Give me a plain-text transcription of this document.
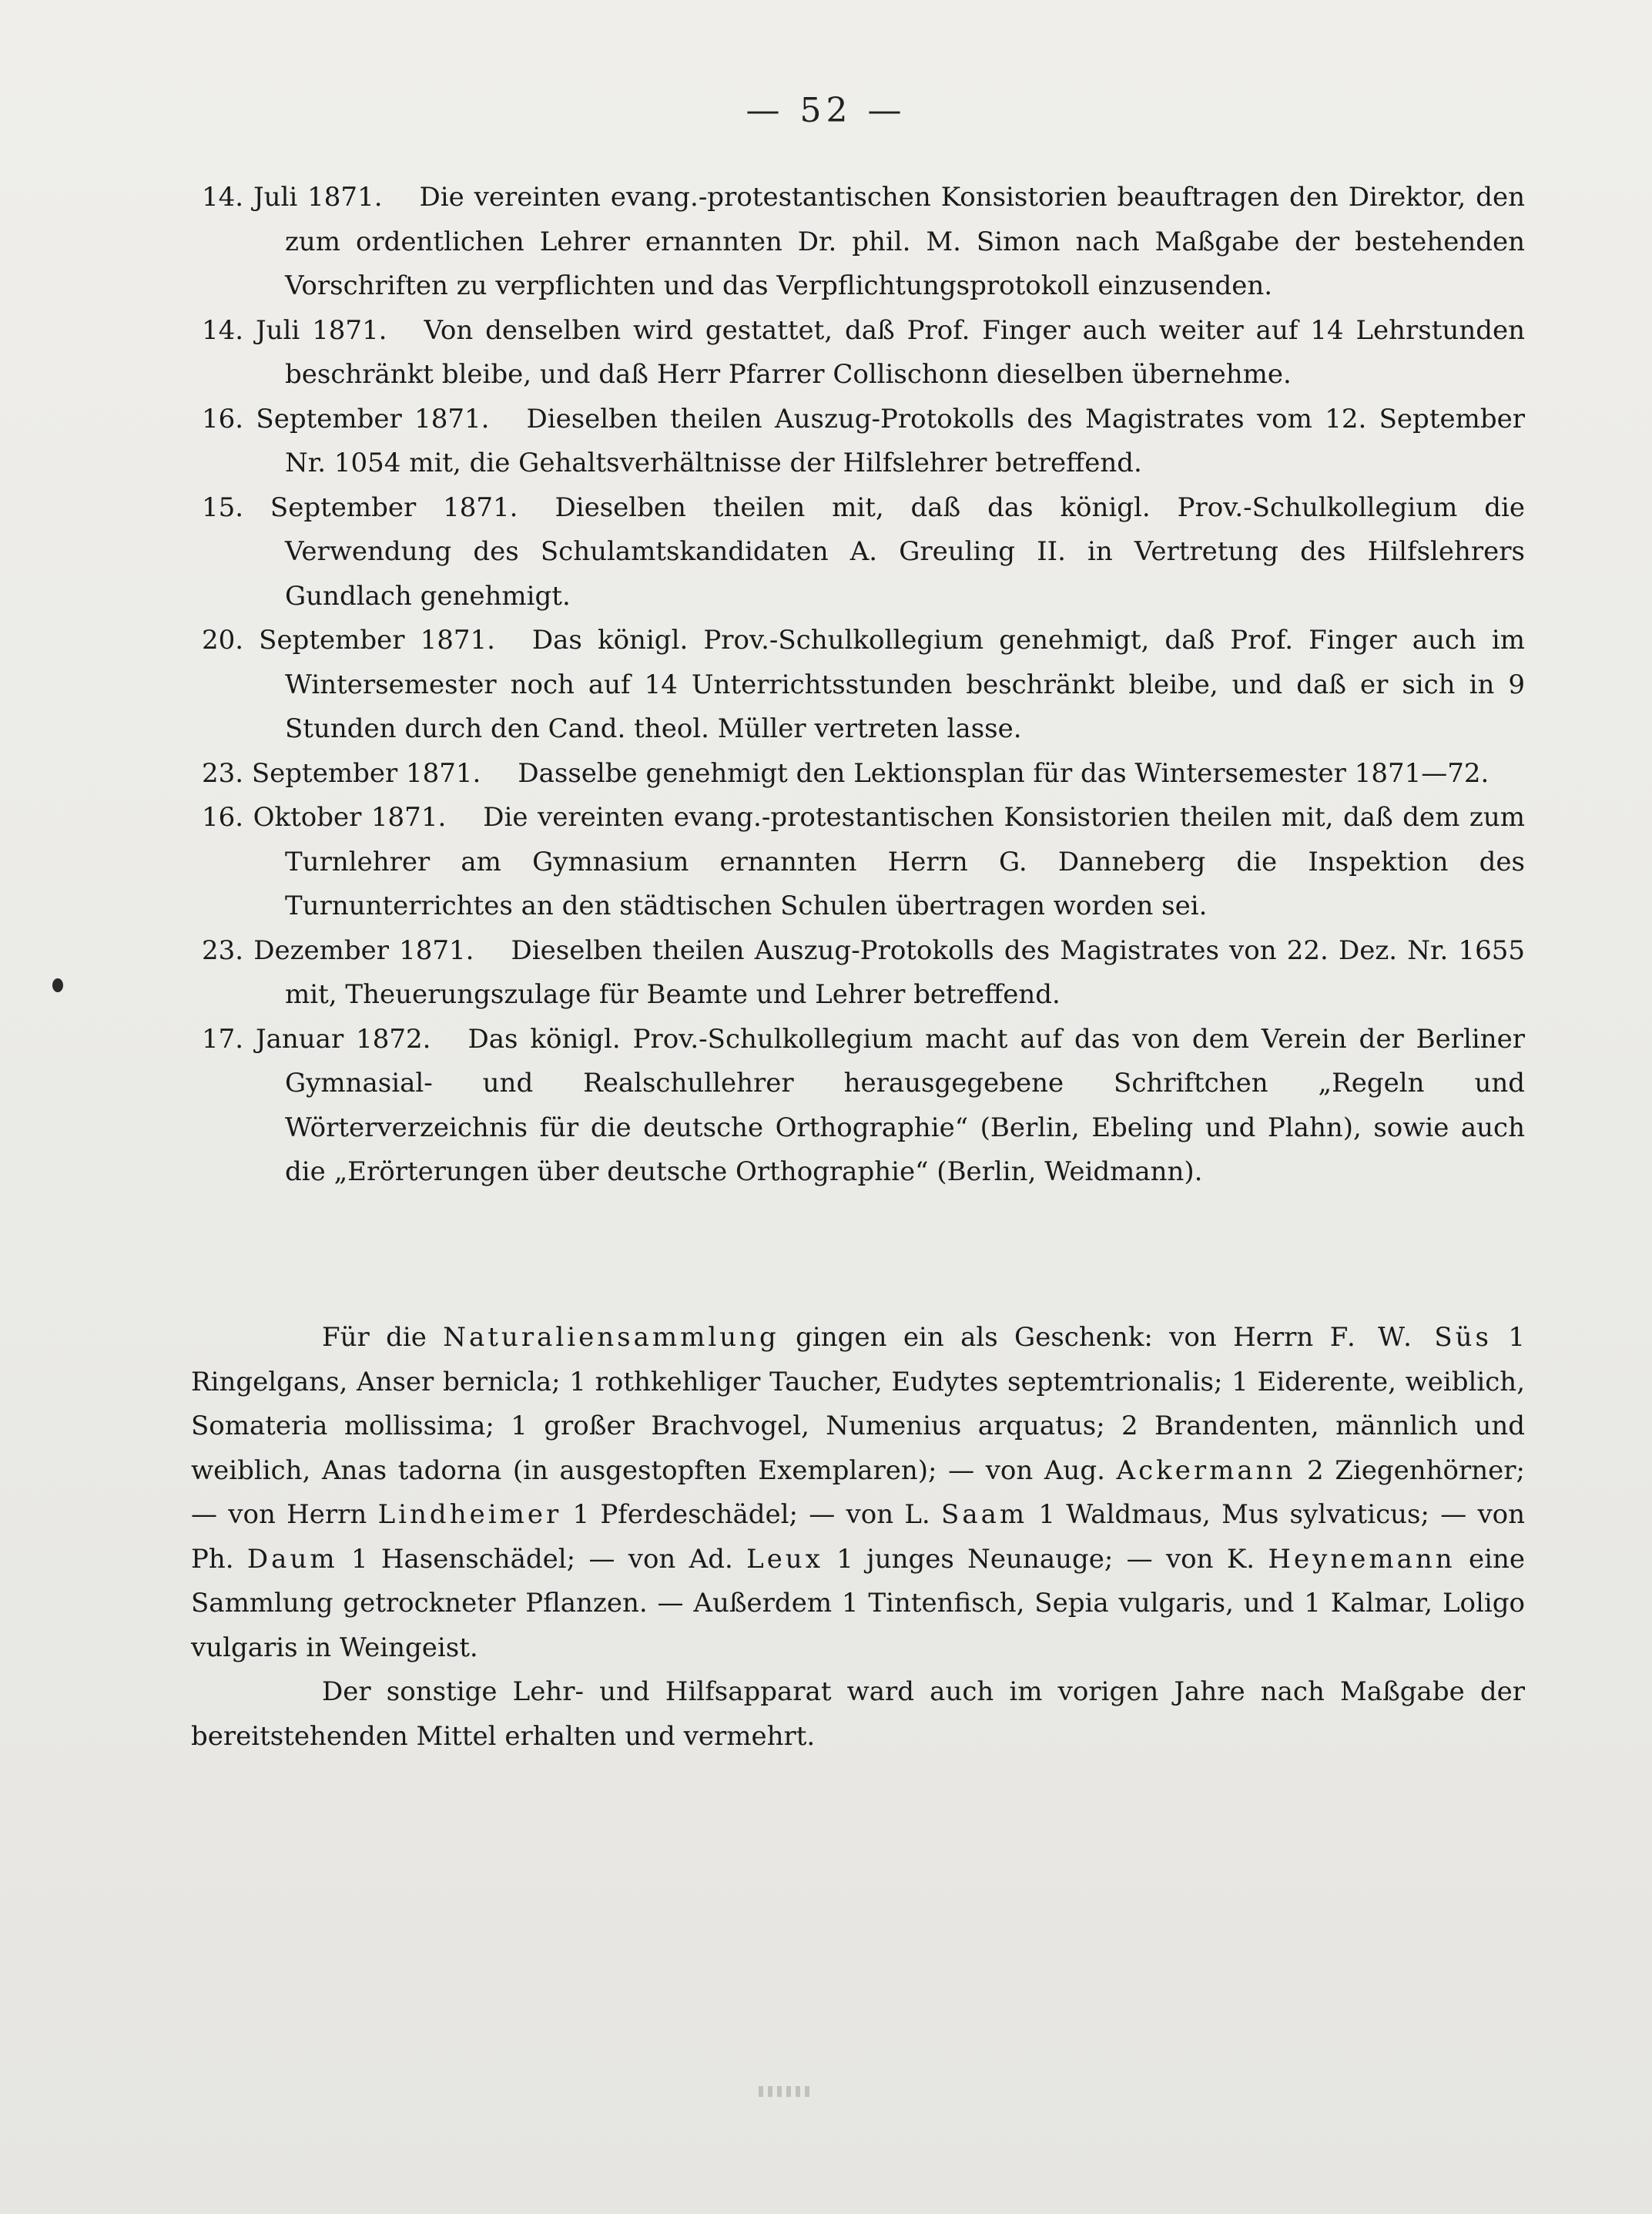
— 52 —

14. Juli 1871. Die vereinten evang.-protestantischen Konsistorien beauftragen den Direktor, den zum ordentlichen Lehrer ernannten Dr. phil. M. Simon nach Maßgabe der bestehenden Vorschriften zu verpflichten und das Verpflichtungsprotokoll einzusenden.

14. Juli 1871. Von denselben wird gestattet, daß Prof. Finger auch weiter auf 14 Lehrstunden beschränkt bleibe, und daß Herr Pfarrer Collischonn dieselben übernehme.

16. September 1871. Dieselben theilen Auszug-Protokolls des Magistrates vom 12. September Nr. 1054 mit, die Gehaltsverhältnisse der Hilfslehrer betreffend.

15. September 1871. Dieselben theilen mit, daß das königl. Prov.-Schulkollegium die Verwendung des Schulamtskandidaten A. Greuling II. in Vertretung des Hilfslehrers Gundlach genehmigt.

20. September 1871. Das königl. Prov.-Schulkollegium genehmigt, daß Prof. Finger auch im Wintersemester noch auf 14 Unterrichtsstunden beschränkt bleibe, und daß er sich in 9 Stunden durch den Cand. theol. Müller vertreten lasse.

23. September 1871. Dasselbe genehmigt den Lektionsplan für das Wintersemester 1871—72.

16. Oktober 1871. Die vereinten evang.-protestantischen Konsistorien theilen mit, daß dem zum Turnlehrer am Gymnasium ernannten Herrn G. Danneberg die Inspektion des Turnunterrichtes an den städtischen Schulen übertragen worden sei.

23. Dezember 1871. Dieselben theilen Auszug-Protokolls des Magistrates von 22. Dez. Nr. 1655 mit, Theuerungszulage für Beamte und Lehrer betreffend.

17. Januar 1872. Das königl. Prov.-Schulkollegium macht auf das von dem Verein der Berliner Gymnasial- und Realschullehrer herausgegebene Schriftchen „Regeln und Wörterverzeichnis für die deutsche Orthographie“ (Berlin, Ebeling und Plahn), sowie auch die „Erörterungen über deutsche Orthographie“ (Berlin, Weidmann).

Für die Naturaliensammlung gingen ein als Geschenk: von Herrn F. W. Süs 1 Ringelgans, Anser bernicla; 1 rothkehliger Taucher, Eudytes septemtrionalis; 1 Eiderente, weiblich, Somateria mollissima; 1 großer Brachvogel, Numenius arquatus; 2 Brandenten, männlich und weiblich, Anas tadorna (in ausgestopften Exemplaren); — von Aug. Ackermann 2 Ziegenhörner; — von Herrn Lindheimer 1 Pferdeschädel; — von L. Saam 1 Waldmaus, Mus sylvaticus; — von Ph. Daum 1 Hasenschädel; — von Ad. Leux 1 junges Neunauge; — von K. Heynemann eine Sammlung getrockneter Pflanzen. — Außerdem 1 Tintenfisch, Sepia vulgaris, und 1 Kalmar, Loligo vulgaris in Weingeist.

Der sonstige Lehr- und Hilfsapparat ward auch im vorigen Jahre nach Maßgabe der bereitstehenden Mittel erhalten und vermehrt.
